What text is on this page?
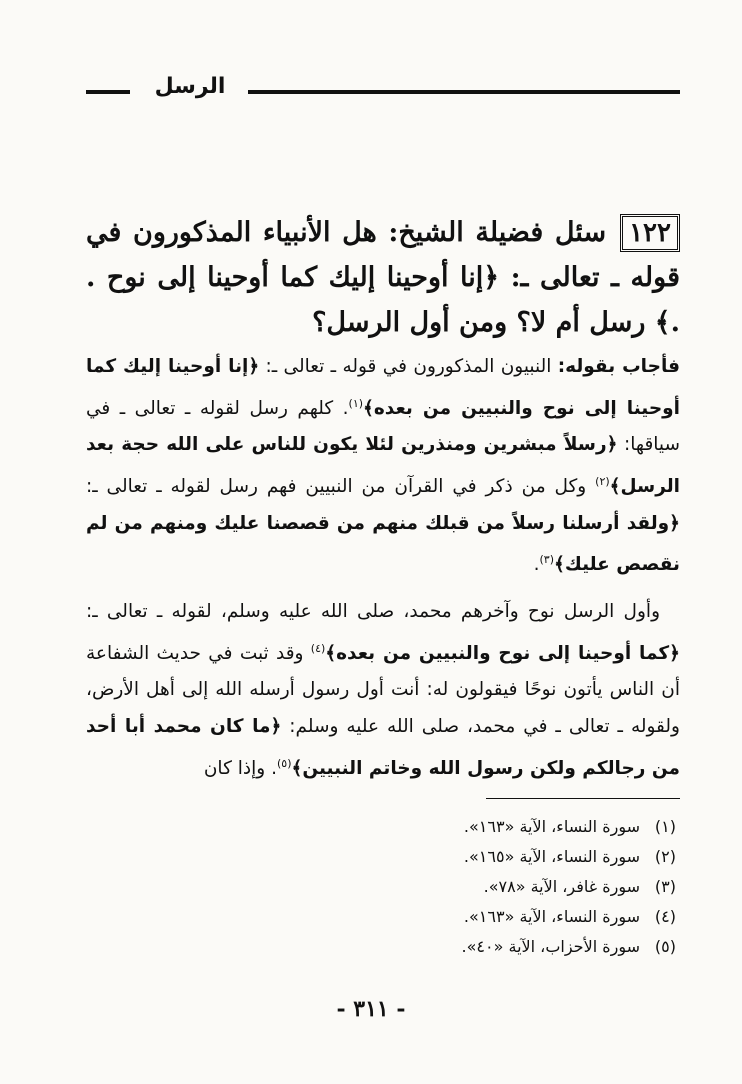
الرسل
١٢٢سئل فضيلة الشيخ: هل الأنبياء المذكورون في قوله ـ تعالى ـ: ﴿إنا أوحينا إليك كما أوحينا إلى نوح . .﴾ رسل أم لا؟ ومن أول الرسل؟

فأجاب بقوله: النبيون المذكورون في قوله ـ تعالى ـ: ﴿إنا أوحينا إليك كما أوحينا إلى نوح والنبيين من بعده﴾$^{(١)}$. كلهم رسل لقوله ـ تعالى ـ في سياقها: ﴿رسلاً مبشرين ومنذرين لئلا يكون للناس على الله حجة بعد الرسل﴾$^{(٢)}$ وكل من ذكر في القرآن من النبيين فهم رسل لقوله ـ تعالى ـ: ﴿ولقد أرسلنا رسلاً من قبلك منهم من قصصنا عليك ومنهم من لم نقصص عليك﴾$^{(٣)}$.

وأول الرسل نوح وآخرهم محمد، صلى الله عليه وسلم، لقوله ـ تعالى ـ: ﴿كما أوحينا إلى نوح والنبيين من بعده﴾$^{(٤)}$ وقد ثبت في حديث الشفاعة أن الناس يأتون نوحًا فيقولون له: أنت أول رسول أرسله الله إلى أهل الأرض، ولقوله ـ تعالى ـ في محمد، صلى الله عليه وسلم: ﴿ما كان محمد أبا أحد من رجالكم ولكن رسول الله وخاتم النبيين﴾$^{(٥)}$. وإذا كان

(١)سورة النساء، الآية «١٦٣».
(٢)سورة النساء، الآية «١٦٥».
(٣)سورة غافر، الآية «٧٨».
(٤)سورة النساء، الآية «١٦٣».
(٥)سورة الأحزاب، الآية «٤٠».
- ٣١١ -
